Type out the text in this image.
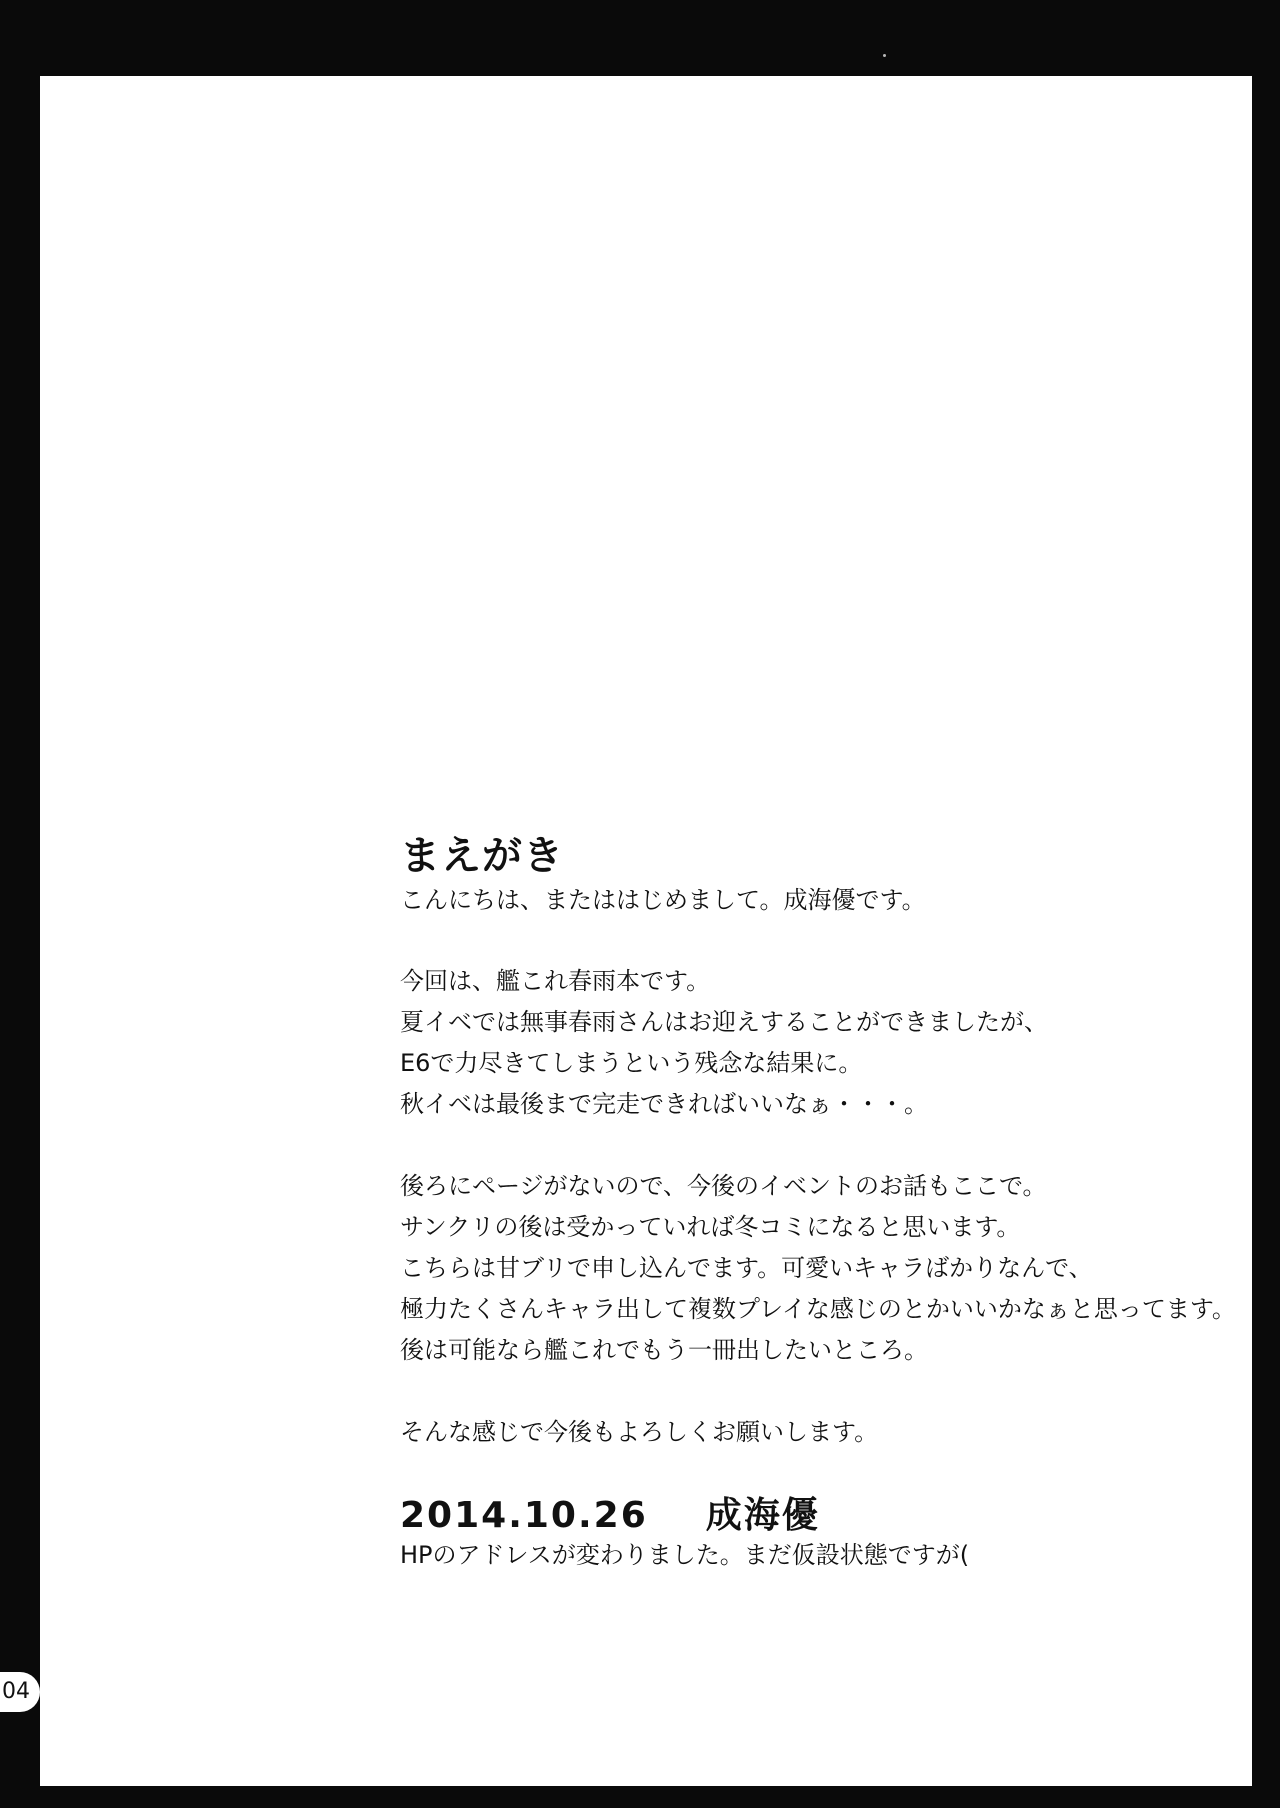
まえがき
こんにちは、またははじめまして。成海優です。
今回は、艦これ春雨本です。
夏イベでは無事春雨さんはお迎えすることができましたが、
E6で力尽きてしまうという残念な結果に。
秋イベは最後まで完走できればいいなぁ・・・。
後ろにページがないので、今後のイベントのお話もここで。
サンクリの後は受かっていれば冬コミになると思います。
こちらは甘ブリで申し込んでます。可愛いキャラばかりなんで、
極力たくさんキャラ出して複数プレイな感じのとかいいかなぁと思ってます。
後は可能なら艦これでもう一冊出したいところ。
そんな感じで今後もよろしくお願いします。
2014.10.26 成海優
HPのアドレスが変わりました。まだ仮設状態ですが(
04
